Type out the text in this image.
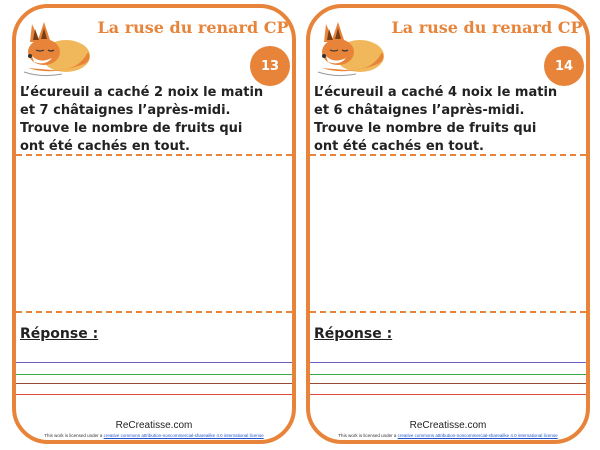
La ruse du renard CP
13

L’écureuil a caché 2 noix le matin
et 7 châtaignes l’après-midi.
Trouve le nombre de fruits qui
ont été cachés en tout.

Réponse :
ReCreatisse.com
This work is licensed under a creative commons attribution-noncommercial-sharealike 4.0 international license
La ruse du renard CP
14

L’écureuil a caché 4 noix le matin
et 6 châtaignes l’après-midi.
Trouve le nombre de fruits qui
ont été cachés en tout.

Réponse :
ReCreatisse.com
This work is licensed under a creative commons attribution-noncommercial-sharealike 4.0 international license
